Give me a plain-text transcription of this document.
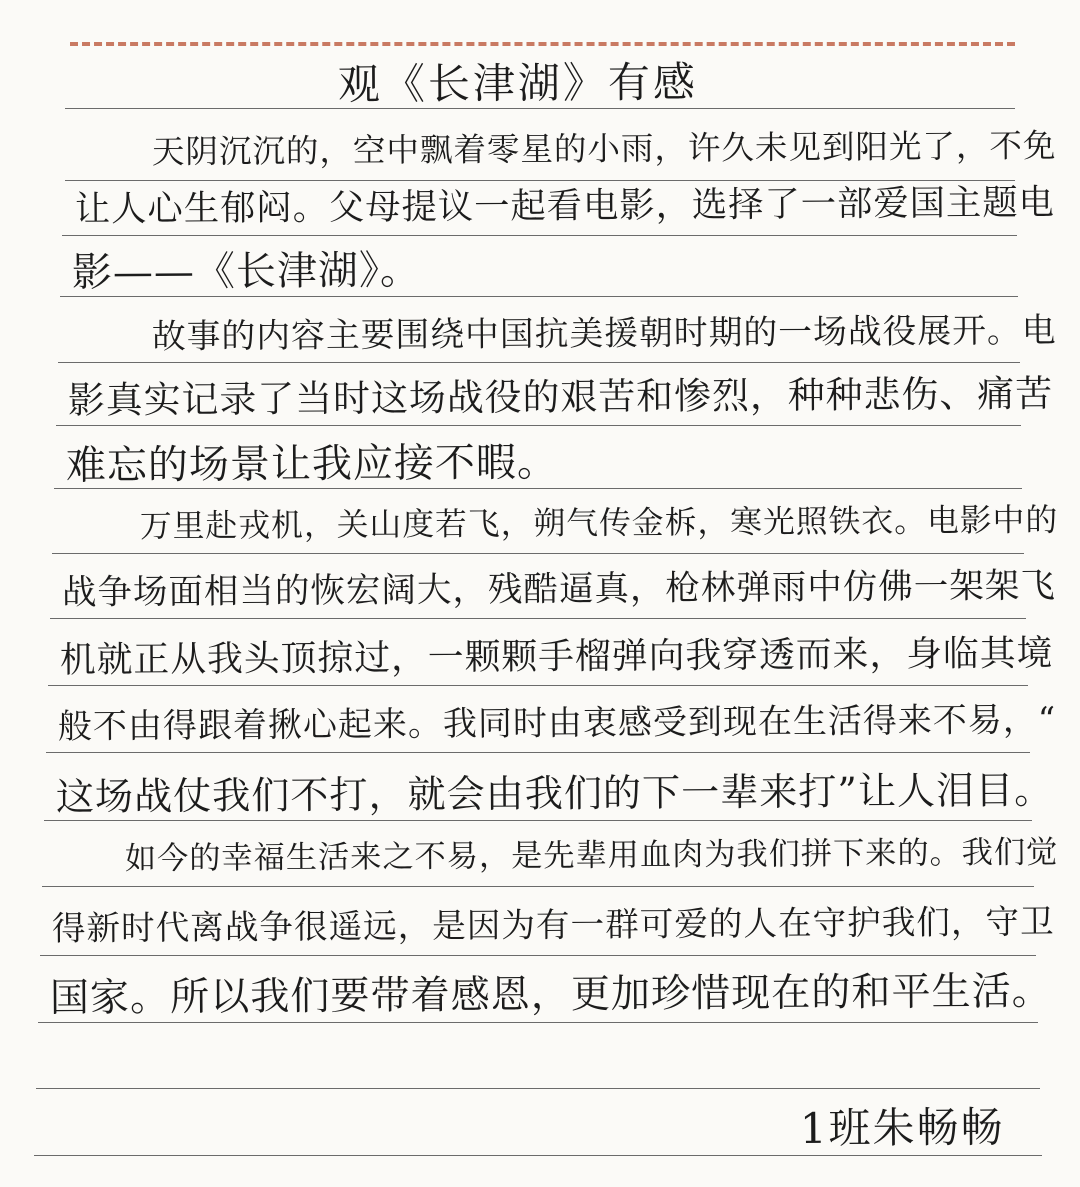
观《长津湖》有感
天阴沉沉的，空中飘着零星的小雨，许久未见到阳光了，不免
让人心生郁闷。父母提议一起看电影，选择了一部爱国主题电
影——《长津湖》。
故事的内容主要围绕中国抗美援朝时期的一场战役展开。电
影真实记录了当时这场战役的艰苦和惨烈，种种悲伤、痛苦
难忘的场景让我应接不暇。
万里赴戎机，关山度若飞，朔气传金柝，寒光照铁衣。电影中的
战争场面相当的恢宏阔大，残酷逼真，枪林弹雨中仿佛一架架飞
机就正从我头顶掠过，一颗颗手榴弹向我穿透而来，身临其境
般不由得跟着揪心起来。我同时由衷感受到现在生活得来不易，“
这场战仗我们不打，就会由我们的下一辈来打”让人泪目。
如今的幸福生活来之不易，是先辈用血肉为我们拼下来的。我们觉
得新时代离战争很遥远，是因为有一群可爱的人在守护我们，守卫
国家。所以我们要带着感恩，更加珍惜现在的和平生活。
1班朱畅畅
